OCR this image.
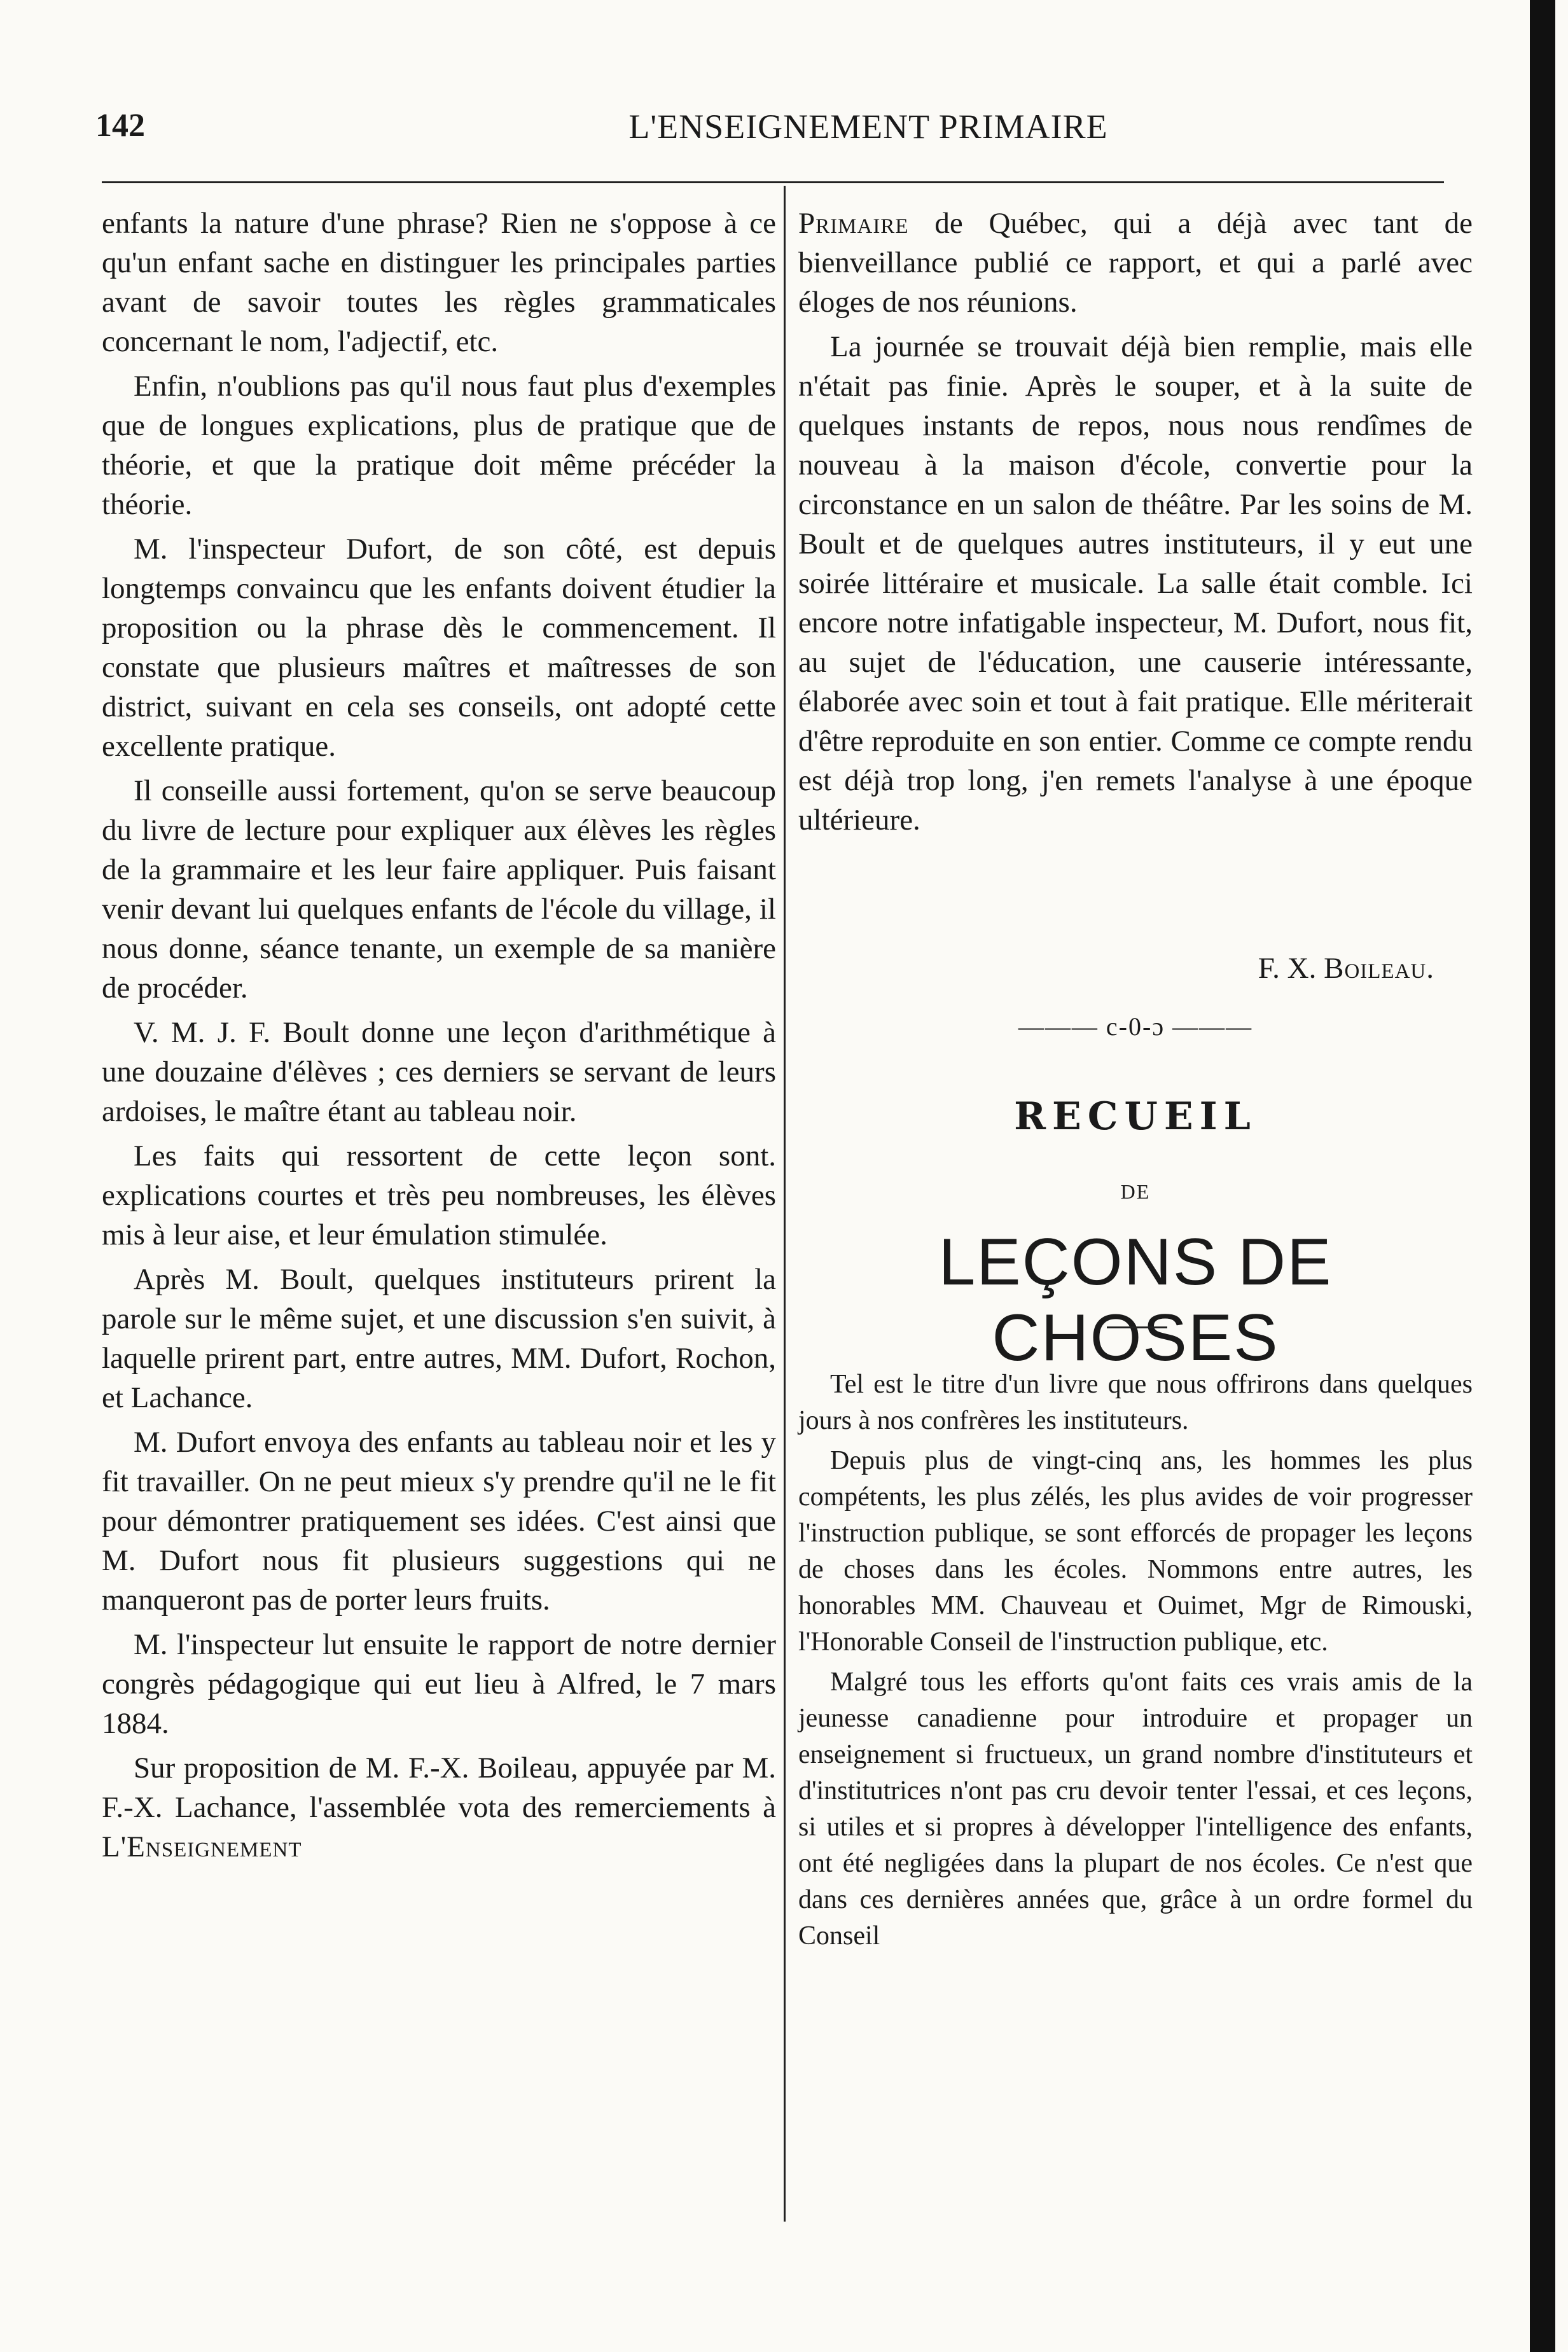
142	L'ENSEIGNEMENT PRIMAIRE

enfants la nature d'une phrase? Rien ne s'oppose à ce qu'un enfant sache en distinguer les principales parties avant de savoir toutes les règles grammaticales concernant le nom, l'adjectif, etc.

Enfin, n'oublions pas qu'il nous faut plus d'exemples que de longues explications, plus de pratique que de théorie, et que la pratique doit même précéder la théorie.

M. l'inspecteur Dufort, de son côté, est depuis longtemps convaincu que les enfants doivent étudier la proposition ou la phrase dès le commencement. Il constate que plusieurs maîtres et maîtresses de son district, suivant en cela ses conseils, ont adopté cette excellente pratique.

Il conseille aussi fortement, qu'on se serve beaucoup du livre de lecture pour expliquer aux élèves les règles de la grammaire et les leur faire appliquer. Puis faisant venir devant lui quelques enfants de l'école du village, il nous donne, séance tenante, un exemple de sa manière de procéder.

V. M. J. F. Boult donne une leçon d'arithmétique à une douzaine d'élèves ; ces derniers se servant de leurs ardoises, le maître étant au tableau noir.

Les faits qui ressortent de cette leçon sont. explications courtes et très peu nombreuses, les élèves mis à leur aise, et leur émulation stimulée.

Après M. Boult, quelques instituteurs prirent la parole sur le même sujet, et une discussion s'en suivit, à laquelle prirent part, entre autres, MM. Dufort, Rochon, et Lachance.

M. Dufort envoya des enfants au tableau noir et les y fit travailler. On ne peut mieux s'y prendre qu'il ne le fit pour démontrer pratiquement ses idées. C'est ainsi que M. Dufort nous fit plusieurs suggestions qui ne manqueront pas de porter leurs fruits.

M. l'inspecteur lut ensuite le rapport de notre dernier congrès pédagogique qui eut lieu à Alfred, le 7 mars 1884.

Sur proposition de M. F.-X. Boileau, appuyée par M. F.-X. Lachance, l'assemblée vota des remerciements à L'Enseignement

Primaire de Québec, qui a déjà avec tant de bienveillance publié ce rapport, et qui a parlé avec éloges de nos réunions.

La journée se trouvait déjà bien remplie, mais elle n'était pas finie. Après le souper, et à la suite de quelques instants de repos, nous nous rendîmes de nouveau à la maison d'école, convertie pour la circonstance en un salon de théâtre. Par les soins de M. Boult et de quelques autres instituteurs, il y eut une soirée littéraire et musicale. La salle était comble. Ici encore notre infatigable inspecteur, M. Dufort, nous fit, au sujet de l'éducation, une causerie intéressante, élaborée avec soin et tout à fait pratique. Elle mériterait d'être reproduite en son entier. Comme ce compte rendu est déjà trop long, j'en remets l'analyse à une époque ultérieure.

F. X. Boileau.

——— c-0-ɔ ———

RECUEIL

DE

LEÇONS DE CHOSES

Tel est le titre d'un livre que nous offrirons dans quelques jours à nos confrères les instituteurs.

Depuis plus de vingt-cinq ans, les hommes les plus compétents, les plus zélés, les plus avides de voir progresser l'instruction publique, se sont efforcés de propager les leçons de choses dans les écoles. Nommons entre autres, les honorables MM. Chauveau et Ouimet, Mgr de Rimouski, l'Honorable Conseil de l'instruction publique, etc.

Malgré tous les efforts qu'ont faits ces vrais amis de la jeunesse canadienne pour introduire et propager un enseignement si fructueux, un grand nombre d'instituteurs et d'institutrices n'ont pas cru devoir tenter l'essai, et ces leçons, si utiles et si propres à développer l'intelligence des enfants, ont été negligées dans la plupart de nos écoles. Ce n'est que dans ces dernières années que, grâce à un ordre formel du Conseil
